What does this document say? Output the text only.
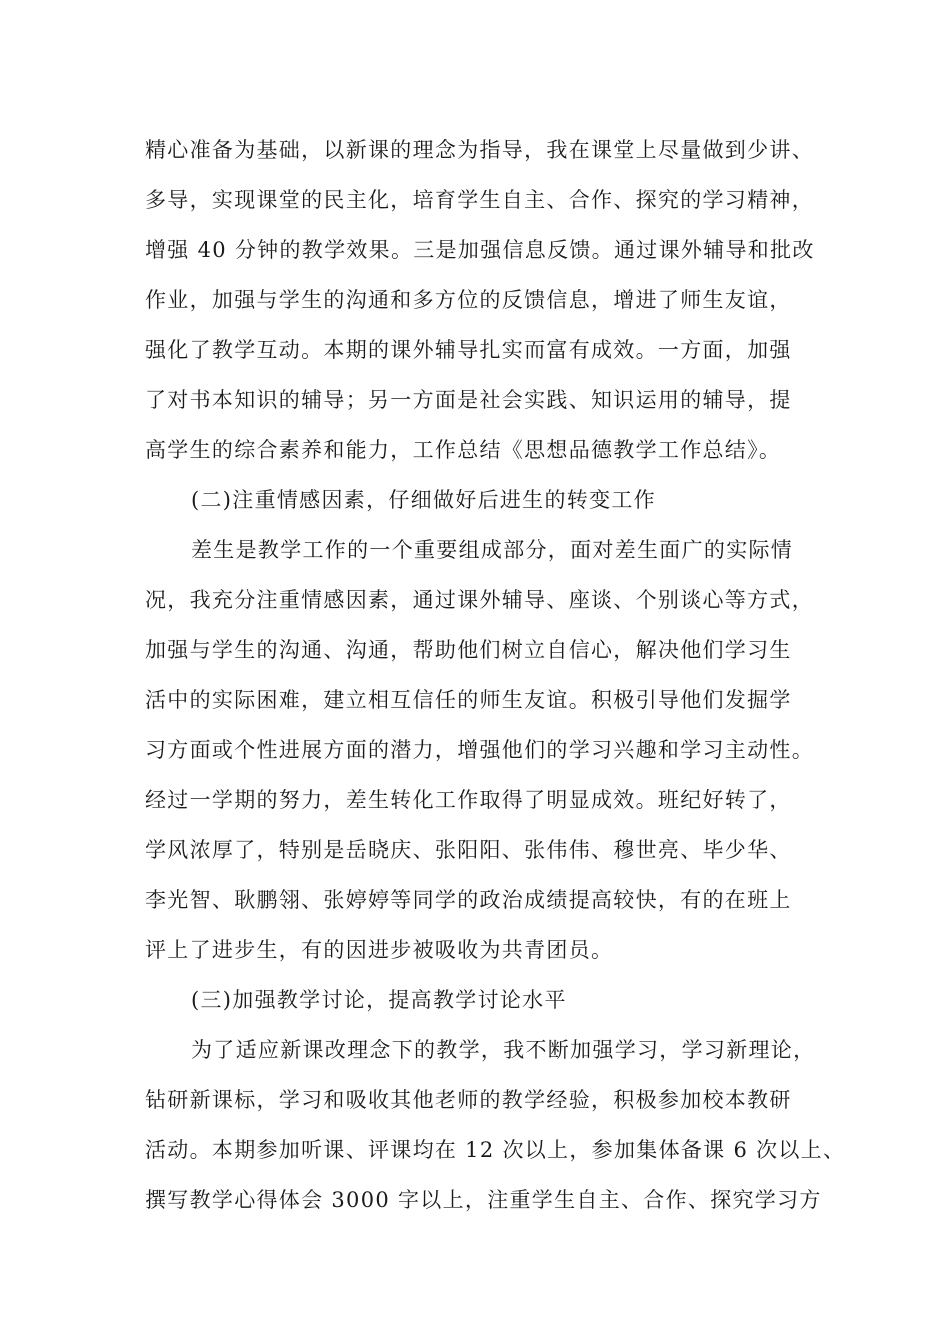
精心准备为基础，以新课的理念为指导，我在课堂上尽量做到少讲、
多导，实现课堂的民主化，培育学生自主、合作、探究的学习精神，
增强 40 分钟的教学效果。三是加强信息反馈。通过课外辅导和批改
作业，加强与学生的沟通和多方位的反馈信息，增进了师生友谊，
强化了教学互动。本期的课外辅导扎实而富有成效。一方面，加强
了对书本知识的辅导；另一方面是社会实践、知识运用的辅导，提
高学生的综合素养和能力，工作总结《思想品德教学工作总结》。
(二)注重情感因素，仔细做好后进生的转变工作
差生是教学工作的一个重要组成部分，面对差生面广的实际情
况，我充分注重情感因素，通过课外辅导、座谈、个别谈心等方式，
加强与学生的沟通、沟通，帮助他们树立自信心，解决他们学习生
活中的实际困难，建立相互信任的师生友谊。积极引导他们发掘学
习方面或个性进展方面的潜力，增强他们的学习兴趣和学习主动性。
经过一学期的努力，差生转化工作取得了明显成效。班纪好转了，
学风浓厚了，特别是岳晓庆、张阳阳、张伟伟、穆世亮、毕少华、
李光智、耿鹏翎、张婷婷等同学的政治成绩提高较快，有的在班上
评上了进步生，有的因进步被吸收为共青团员。
(三)加强教学讨论，提高教学讨论水平
为了适应新课改理念下的教学，我不断加强学习，学习新理论，
钻研新课标，学习和吸收其他老师的教学经验，积极参加校本教研
活动。本期参加听课、评课均在 12 次以上，参加集体备课 6 次以上、
撰写教学心得体会 3000 字以上，注重学生自主、合作、探究学习方
